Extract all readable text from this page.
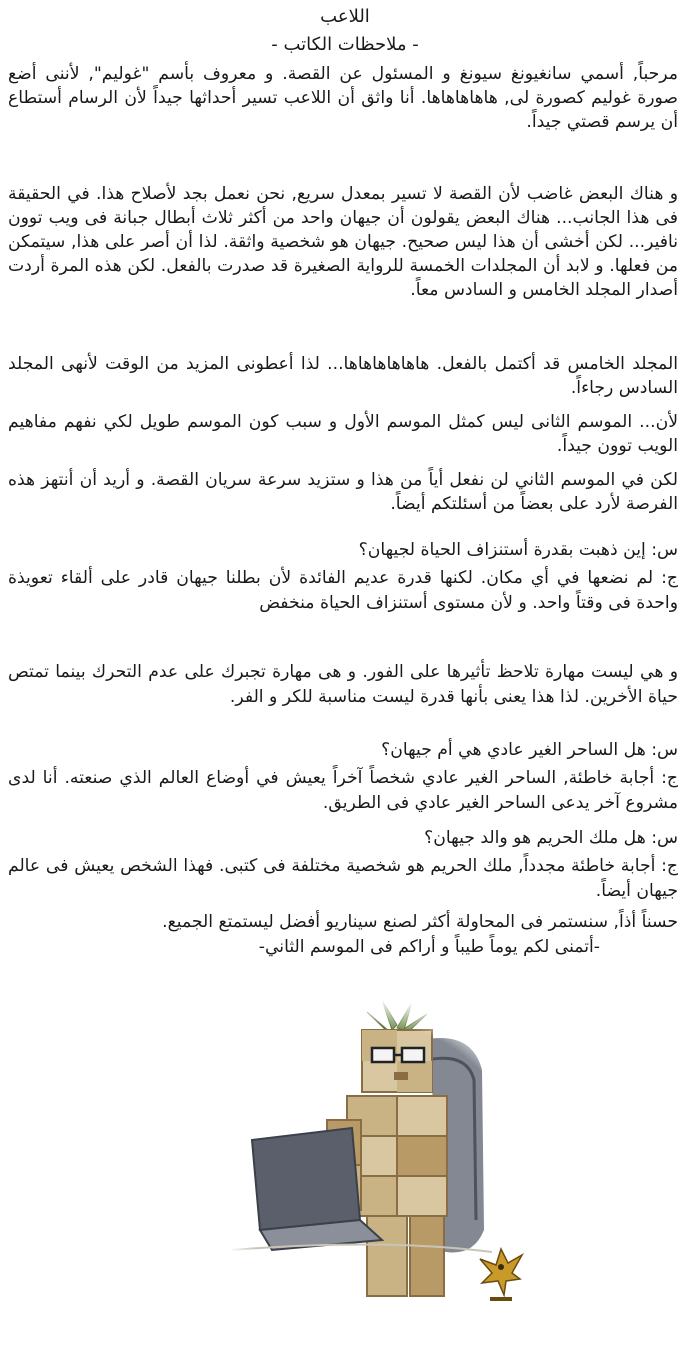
اللاعب
- ملاحظات الكاتب -

مرحباً, أسمي سانغيونغ سيونغ و المسئول عن القصة. و معروف بأسم "غوليم", لأننى أضع صورة غوليم كصورة لى, هاهاهاهاها. أنا واثق أن اللاعب تسير أحداثها جيداً لأن الرسام أستطاع أن يرسم قصتي جيداً.

و هناك البعض غاضب لأن القصة لا تسير بمعدل سريع, نحن نعمل بجد لأصلاح هذا. في الحقيقة فى هذا الجانب... هناك البعض يقولون أن جيهان واحد من أكثر ثلاث أبطال جبانة فى ويب توون نافير... لكن أخشى أن هذا ليس صحيح. جيهان هو شخصية واثقة. لذا أن أصر على هذا, سيتمكن من فعلها. و لابد أن المجلدات الخمسة للرواية الصغيرة قد صدرت بالفعل. لكن هذه المرة أردت أصدار المجلد الخامس و السادس معاً.

المجلد الخامس قد أكتمل بالفعل. هاهاهاهاهاها... لذا أعطونى المزيد من الوقت لأنهى المجلد السادس رجاءاً.

لأن... الموسم الثانى ليس كمثل الموسم الأول و سبب كون الموسم طويل لكي نفهم مفاهيم الويب توون جيداً.

لكن في الموسم الثاني لن نفعل أياً من هذا و ستزيد سرعة سريان القصة. و أريد أن أنتهز هذه الفرصة لأرد على بعضاً من أسئلتكم أيضاً.

س: إين ذهبت بقدرة أستنزاف الحياة لجيهان؟

ج: لم نضعها في أي مكان. لكنها قدرة عديم الفائدة لأن بطلنا جيهان قادر على ألقاء تعويذة واحدة فى وقتاً واحد. و لأن مستوى أستنزاف الحياة منخفض

و هي ليست مهارة تلاحظ تأثيرها على الفور. و هى مهارة تجبرك على عدم التحرك بينما تمتص حياة الأخرين. لذا هذا يعنى بأنها قدرة ليست مناسبة للكر و الفر.

س: هل الساحر الغير عادي هي أم جيهان؟

ج: أجابة خاطئة, الساحر الغير عادي شخصاً آخراً يعيش في أوضاع العالم الذي صنعته. أنا لدى مشروع آخر يدعى الساحر الغير عادي فى الطريق.

س: هل ملك الحريم هو والد جيهان؟

ج: أجابة خاطئة مجدداً, ملك الحريم هو شخصية مختلفة فى كتبى. فهذا الشخص يعيش فى عالم جيهان أيضاً.

حسناً أذاً, سنستمر فى المحاولة أكثر لصنع سيناريو أفضل ليستمتع الجميع.
-أتمنى لكم يوماً طيباً و أراكم فى الموسم الثاني-
